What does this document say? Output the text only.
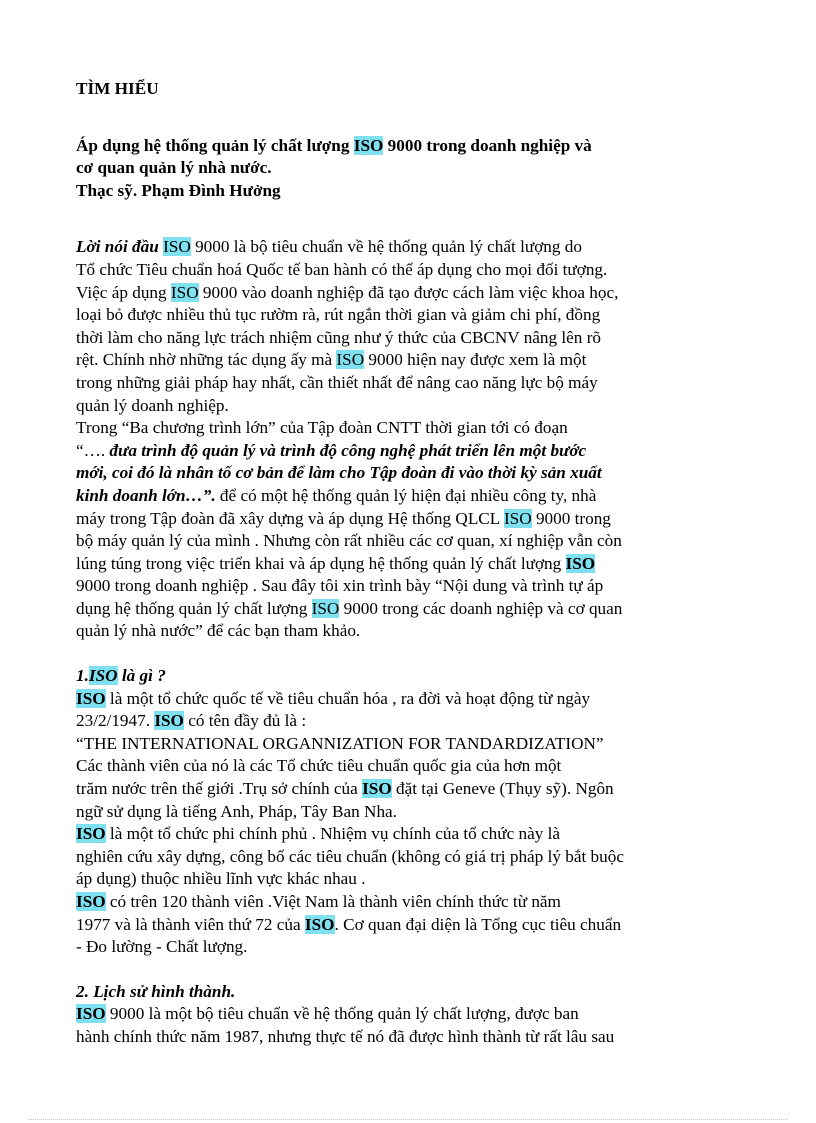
TÌM HIỂU
Áp dụng hệ thống quản lý chất lượng ISO 9000 trong doanh nghiệp và
cơ quan quản lý nhà nước.
Thạc sỹ. Phạm Đình Hưởng
Lời nói đầu ISO 9000 là bộ tiêu chuẩn về hệ thống quản lý chất lượng do
Tổ chức Tiêu chuẩn hoá Quốc tế ban hành có thể áp dụng cho mọi đối tượng.
Việc áp dụng ISO 9000 vào doanh nghiệp đã tạo được cách làm việc khoa học,
loại bỏ được nhiều thủ tục rườm rà, rút ngắn thời gian và giảm chi phí, đồng
thời làm cho năng lực trách nhiệm cũng như ý thức của CBCNV nâng lên rõ
rệt. Chính nhờ những tác dụng ấy mà ISO 9000 hiện nay được xem là một
trong những giải pháp hay nhất, cần thiết nhất để nâng cao năng lực bộ máy
quản lý doanh nghiệp.
Trong “Ba chương trình lớn” của Tập đoàn CNTT thời gian tới có đoạn
“…. đưa trình độ quản lý và trình độ công nghệ phát triển lên một bước
mới, coi đó là nhân tố cơ bản để làm cho Tập đoàn đi vào thời kỳ sản xuất
kinh doanh lớn…”. để có một hệ thống quản lý hiện đại nhiều công ty, nhà
máy trong Tập đoàn đã xây dựng và áp dụng Hệ thống QLCL ISO 9000 trong
bộ máy quản lý của mình . Nhưng còn rất nhiều các cơ quan, xí nghiệp vẫn còn
lúng túng trong việc triển khai và áp dụng hệ thống quản lý chất lượng ISO
9000 trong doanh nghiệp . Sau đây tôi xin trình bày “Nội dung và trình tự áp
dụng hệ thống quản lý chất lượng ISO 9000 trong các doanh nghiệp và cơ quan
quản lý nhà nước” để các bạn tham khảo.
1.ISO là gì ?
ISO là một tổ chức quốc tế về tiêu chuẩn hóa , ra đời và hoạt động từ ngày
23/2/1947. ISO có tên đầy đủ là :
“THE INTERNATIONAL ORGANNIZATION FOR TANDARDIZATION”
Các thành viên của nó là các Tổ chức tiêu chuẩn quốc gia của hơn một
trăm nước trên thế giới .Trụ sở chính của ISO đặt tại Geneve (Thụy sỹ). Ngôn
ngữ sử dụng là tiếng Anh, Pháp, Tây Ban Nha.
ISO là một tổ chức phi chính phủ . Nhiệm vụ chính của tổ chức này là
nghiên cứu xây dựng, công bố các tiêu chuẩn (không có giá trị pháp lý bắt buộc
áp dụng) thuộc nhiều lĩnh vực khác nhau .
ISO có trên 120 thành viên .Việt Nam là thành viên chính thức từ năm
1977 và là thành viên thứ 72 của ISO. Cơ quan đại diện là Tổng cục tiêu chuẩn
- Đo lường - Chất lượng.
2. Lịch sử hình thành.
ISO 9000 là một bộ tiêu chuẩn về hệ thống quản lý chất lượng, được ban
hành chính thức năm 1987, nhưng thực tế nó đã được hình thành từ rất lâu sau
